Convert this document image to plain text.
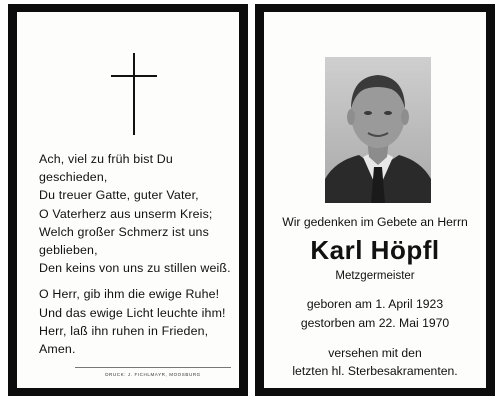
Ach, viel zu früh bist Du

geschieden,

Du treuer Gatte, guter Vater,

O Vaterherz aus unserm Kreis;

Welch großer Schmerz ist uns

geblieben,

Den keins von uns zu stillen weiß.

O Herr, gib ihm die ewige Ruhe!

Und das ewige Licht leuchte ihm!

Herr, laß ihn ruhen in Frieden,

Amen.

DRUCK: J. FICHLMAYR, MOOSBURG
Wir gedenken im Gebete an Herrn
Karl Höpfl
Metzgermeister
geboren am 1. April 1923
gestorben am 22. Mai 1970
versehen mit den
letzten hl. Sterbesakramenten.
